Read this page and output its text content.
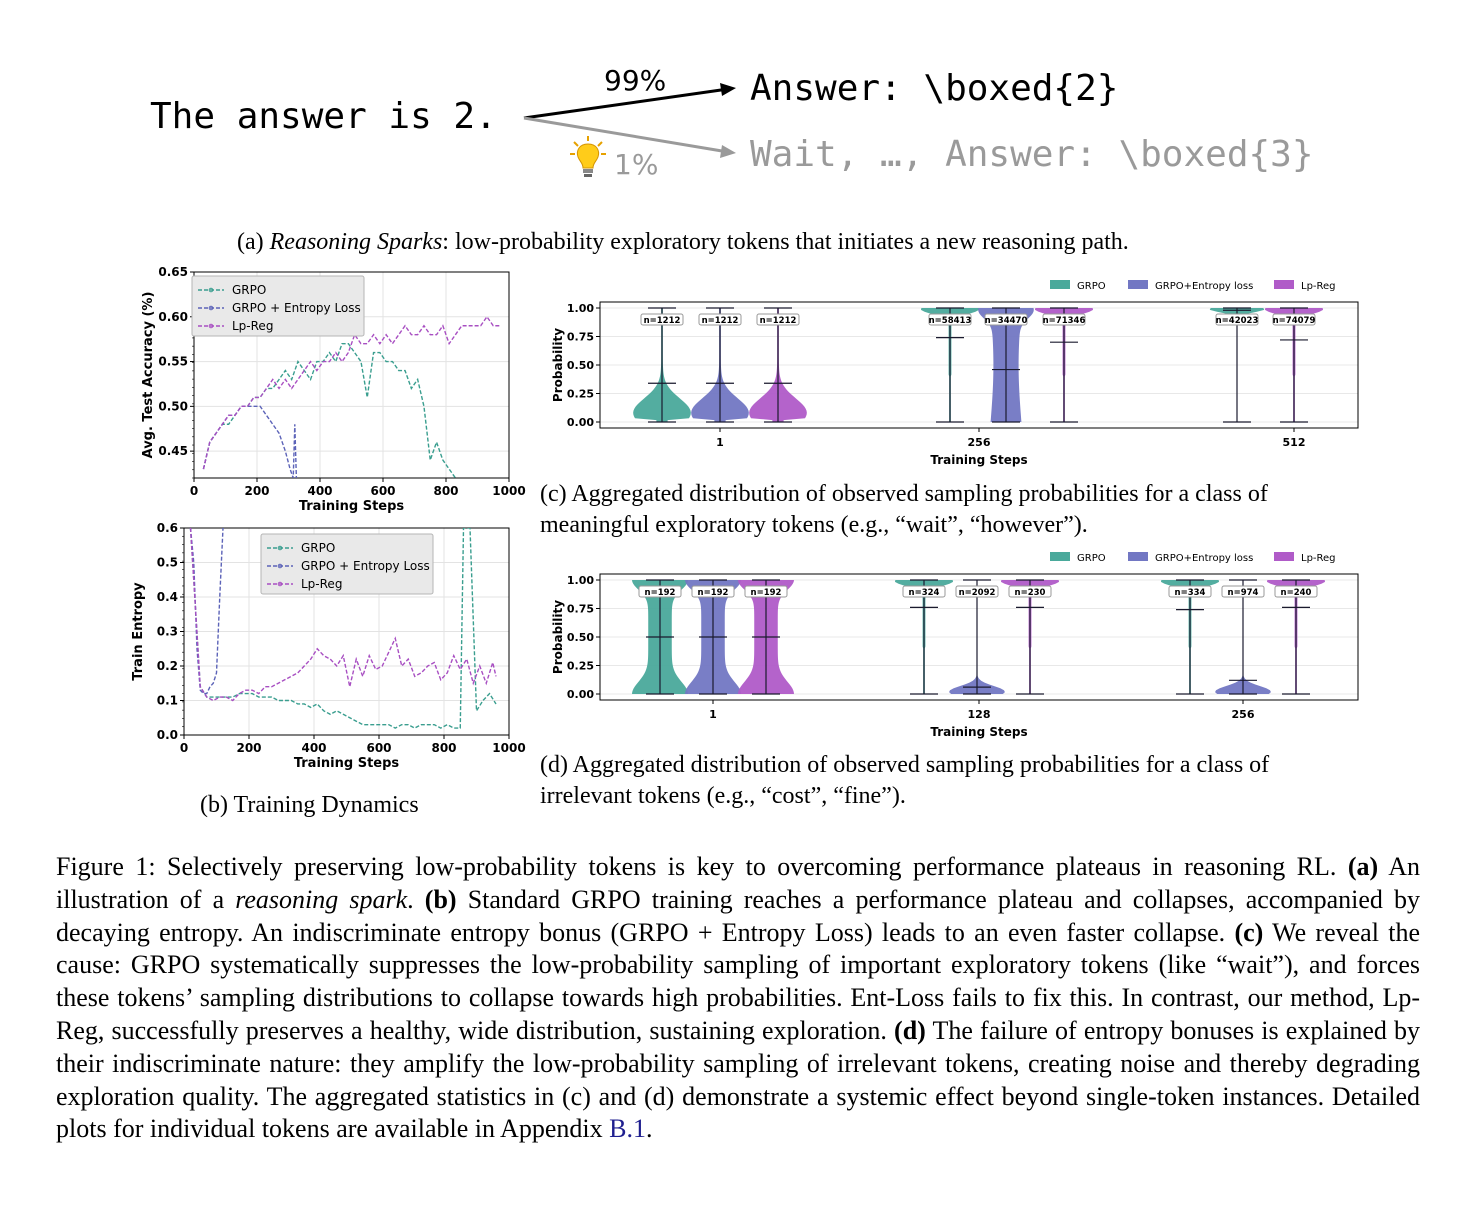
The answer is 2.
99% Answer: \boxed{2}
Wait, …, Answer: \boxed{3}
1%
(a) Reasoning Sparks: low-probability exploratory tokens that initiates a new reasoning path.
0	200	400	600	800	1000
0.45
0.50
0.55
0.60
0.65
Training Steps
Avg. Test Accuracy (%)
GRPO
GRPO + Entropy Loss
Lp-Reg
0	200	400	600	800	1000
0.0
0.1
0.2
0.3
0.4
0.5
0.6
Training Steps
Train Entropy
GRPO
GRPO + Entropy Loss
Lp-Reg
(b) Training Dynamics
GRPO	GRPO+Entropy loss	Lp-Reg
0.00
0.25
0.50
0.75
1.00
Probability
Training Steps
1
n=1212 n=1212 n=1212
256
n=58413 n=34470 n=71346
512
n=42023 n=74079
(c) Aggregated distribution of observed sampling probabilities for a class of
meaningful exploratory tokens (e.g., “wait”, “however”).
GRPO	GRPO+Entropy loss	Lp-Reg
0.00
0.25
0.50
0.75
1.00
Probability
Training Steps
1
n=192	n=192	n=192
128
n=324 n=2092 n=230
256
n=334	n=974	n=240
(d) Aggregated distribution of observed sampling probabilities for a class of
irrelevant tokens (e.g., “cost”, “fine”).
Figure 1: Selectively preserving low-probability tokens is key to overcoming performance plateaus in reasoning RL. (a) An illustration of a reasoning spark. (b) Standard GRPO training reaches a performance plateau and collapses, accompanied by decaying entropy. An indiscriminate entropy bonus (GRPO + Entropy Loss) leads to an even faster collapse. (c) We reveal the cause: GRPO systematically suppresses the low-probability sampling of important exploratory tokens (like “wait”), and forces these tokens’ sampling distributions to collapse towards high probabilities. Ent-Loss fails to fix this. In contrast, our method, Lp-Reg, successfully preserves a healthy, wide distribution, sustaining exploration. (d) The failure of entropy bonuses is explained by their indiscriminate nature: they amplify the low-probability sampling of irrelevant tokens, creating noise and thereby degrading exploration quality. The aggregated statistics in (c) and (d) demonstrate a systemic effect beyond single-token instances. Detailed plots for individual tokens are available in Appendix B.1.
